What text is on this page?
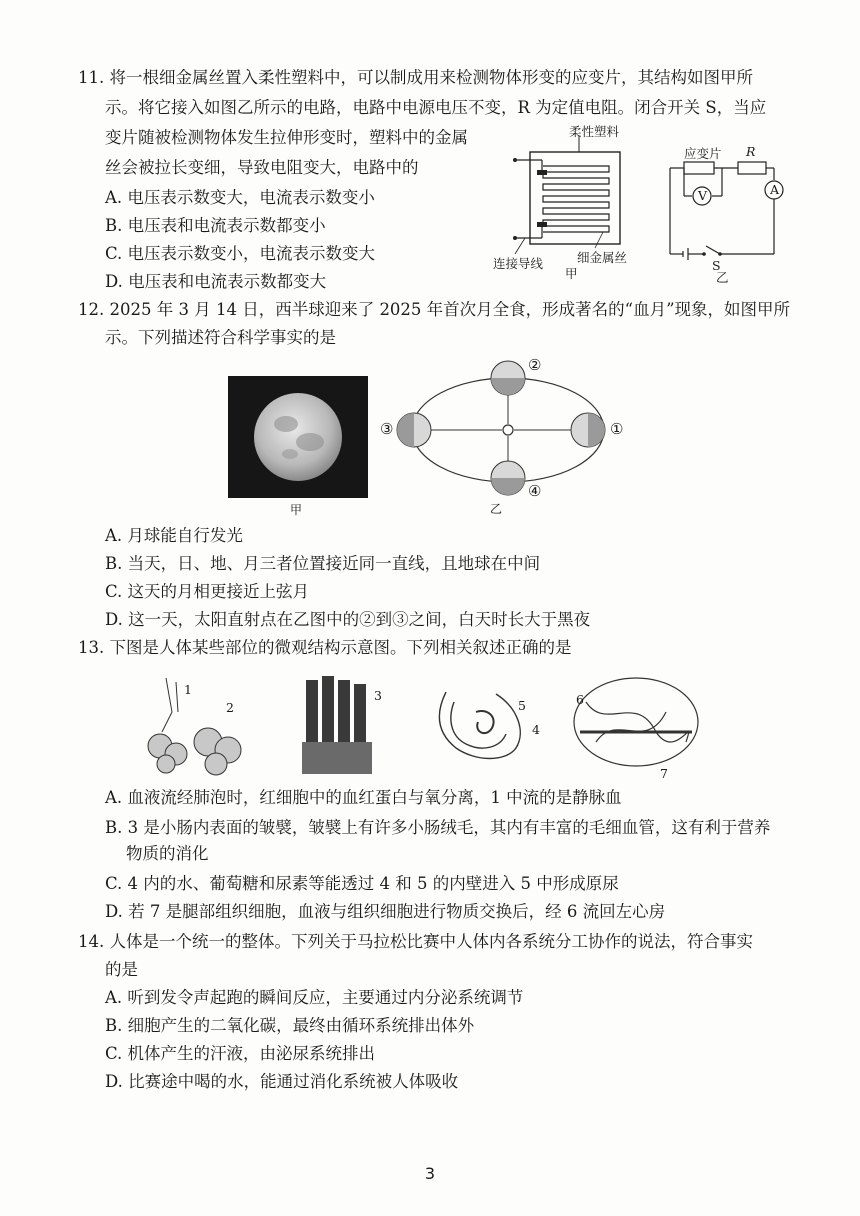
11. 将一根细金属丝置入柔性塑料中，可以制成用来检测物体形变的应变片，其结构如图甲所
示。将它接入如图乙所示的电路，电路中电源电压不变，R 为定值电阻。闭合开关 S，当应
变片随被检测物体发生拉伸形变时，塑料中的金属
丝会被拉长变细，导致电阻变大，电路中的
A. 电压表示数变大，电流表示数变小
B. 电压表和电流表示数都变小
C. 电压表示数变小，电流表示数变大
D. 电压表和电流表示数都变大
柔性塑料
连接导线	细金属丝
甲
应变片 R
V	A
S
乙
12. 2025 年 3 月 14 日，西半球迎来了 2025 年首次月全食，形成著名的“血月”现象，如图甲所
示。下列描述符合科学事实的是
甲
②
①
③
④
乙
A. 月球能自行发光
B. 当天，日、地、月三者位置接近同一直线，且地球在中间
C. 这天的月相更接近上弦月
D. 这一天，太阳直射点在乙图中的②到③之间，白天时长大于黑夜
13. 下图是人体某些部位的微观结构示意图。下列相关叙述正确的是
1
2
3
4
5	6
7
A. 血液流经肺泡时，红细胞中的血红蛋白与氧分离，1 中流的是静脉血
B. 3 是小肠内表面的皱襞，皱襞上有许多小肠绒毛，其内有丰富的毛细血管，这有利于营养
物质的消化
C. 4 内的水、葡萄糖和尿素等能透过 4 和 5 的内壁进入 5 中形成原尿
D. 若 7 是腿部组织细胞，血液与组织细胞进行物质交换后，经 6 流回左心房
14. 人体是一个统一的整体。下列关于马拉松比赛中人体内各系统分工协作的说法，符合事实
的是
A. 听到发令声起跑的瞬间反应，主要通过内分泌系统调节
B. 细胞产生的二氧化碳，最终由循环系统排出体外
C. 机体产生的汗液，由泌尿系统排出
D. 比赛途中喝的水，能通过消化系统被人体吸收
3
